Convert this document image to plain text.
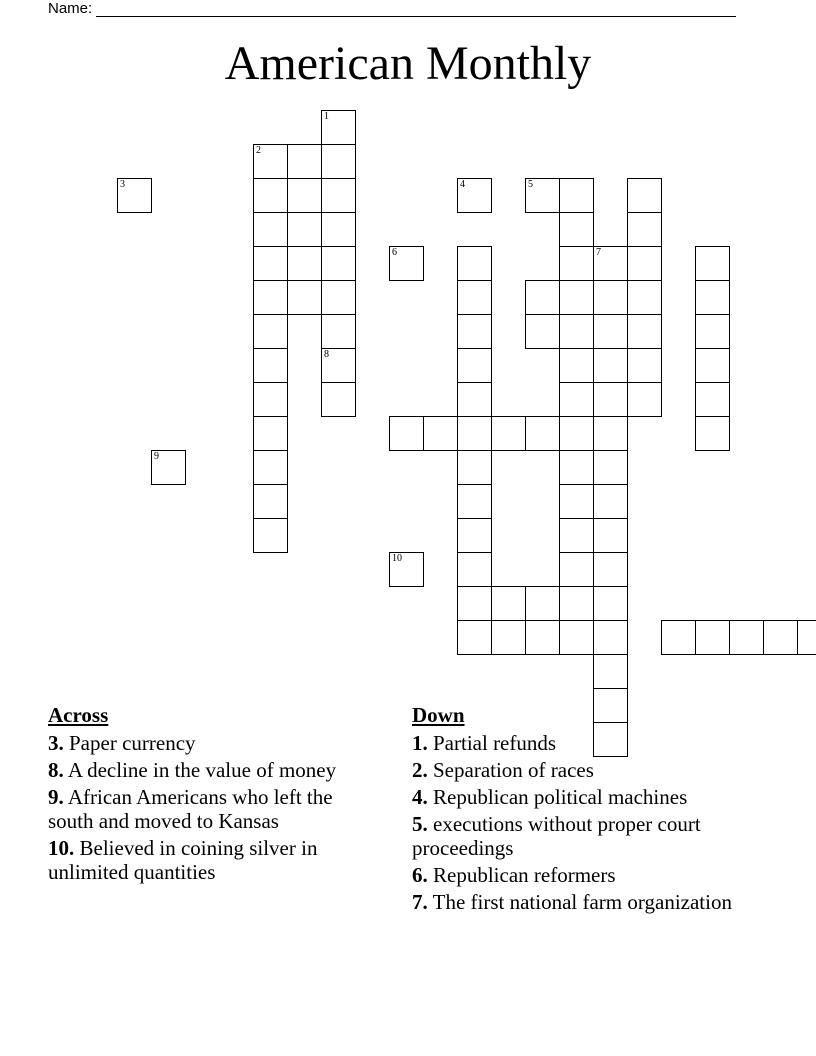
Name:
American Monthly
1
8
2
3	4	5
6	7
9
10
Across
3. Paper currency
8. A decline in the value of money
9. African Americans who left the south and moved to Kansas
10. Believed in coining silver in unlimited quantities
Down
1. Partial refunds
2. Separation of races
4. Republican political machines
5. executions without proper court proceedings
6. Republican reformers
7. The first national farm organization
